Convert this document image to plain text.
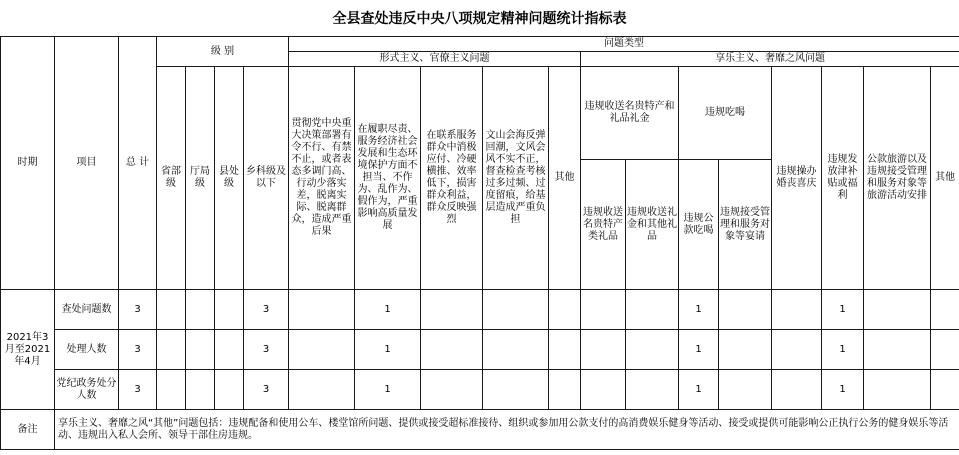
全县查处违反中央八项规定精神问题统计指标表
时期	项目	总 计	级 别				问题类型												
							形式主义、官僚主义问题					享乐主义、奢靡之风问题							
			省部级	厅局级	县处级	乡科级及以下	贯彻党中央重大决策部署有令不行、有禁不止，或者表态多调门高、行动少落实差，脱离实际、脱离群众，造成严重后果	在履职尽责、服务经济社会发展和生态环境保护方面不担当、不作为、乱作为、假作为，严重影响高质量发展	在联系服务群众中消极应付、冷硬横推、效率低下，损害群众利益，群众反映强烈	文山会海反弹回潮，文风会风不实不正，督查检查考核过多过频、过度留痕，给基层造成严重负担	其他	违规收送名贵特产和礼品礼金		违规吃喝		违规操办婚丧喜庆	违规发放津补贴或福利	公款旅游以及违规接受管理和服务对象等旅游活动安排	其他
												违规收送名贵特产类礼品	违规收送礼金和其他礼品	违规公款吃喝	违规接受管理和服务对象等宴请				
2021年3月至2021年4月	查处问题数	3				3		1						1			1		
	处理人数	3				3		1						1			1		
	党纪政务处分人数	3				3		1						1			1		
备注	享乐主义、奢靡之风“其他”问题包括：违规配备和使用公车、楼堂馆所问题、提供或接受超标准接待、组织或参加用公款支付的高消费娱乐健身等活动、接受或提供可能影响公正执行公务的健身娱乐等活动、违规出入私人会所、领导干部住房违规。																		
